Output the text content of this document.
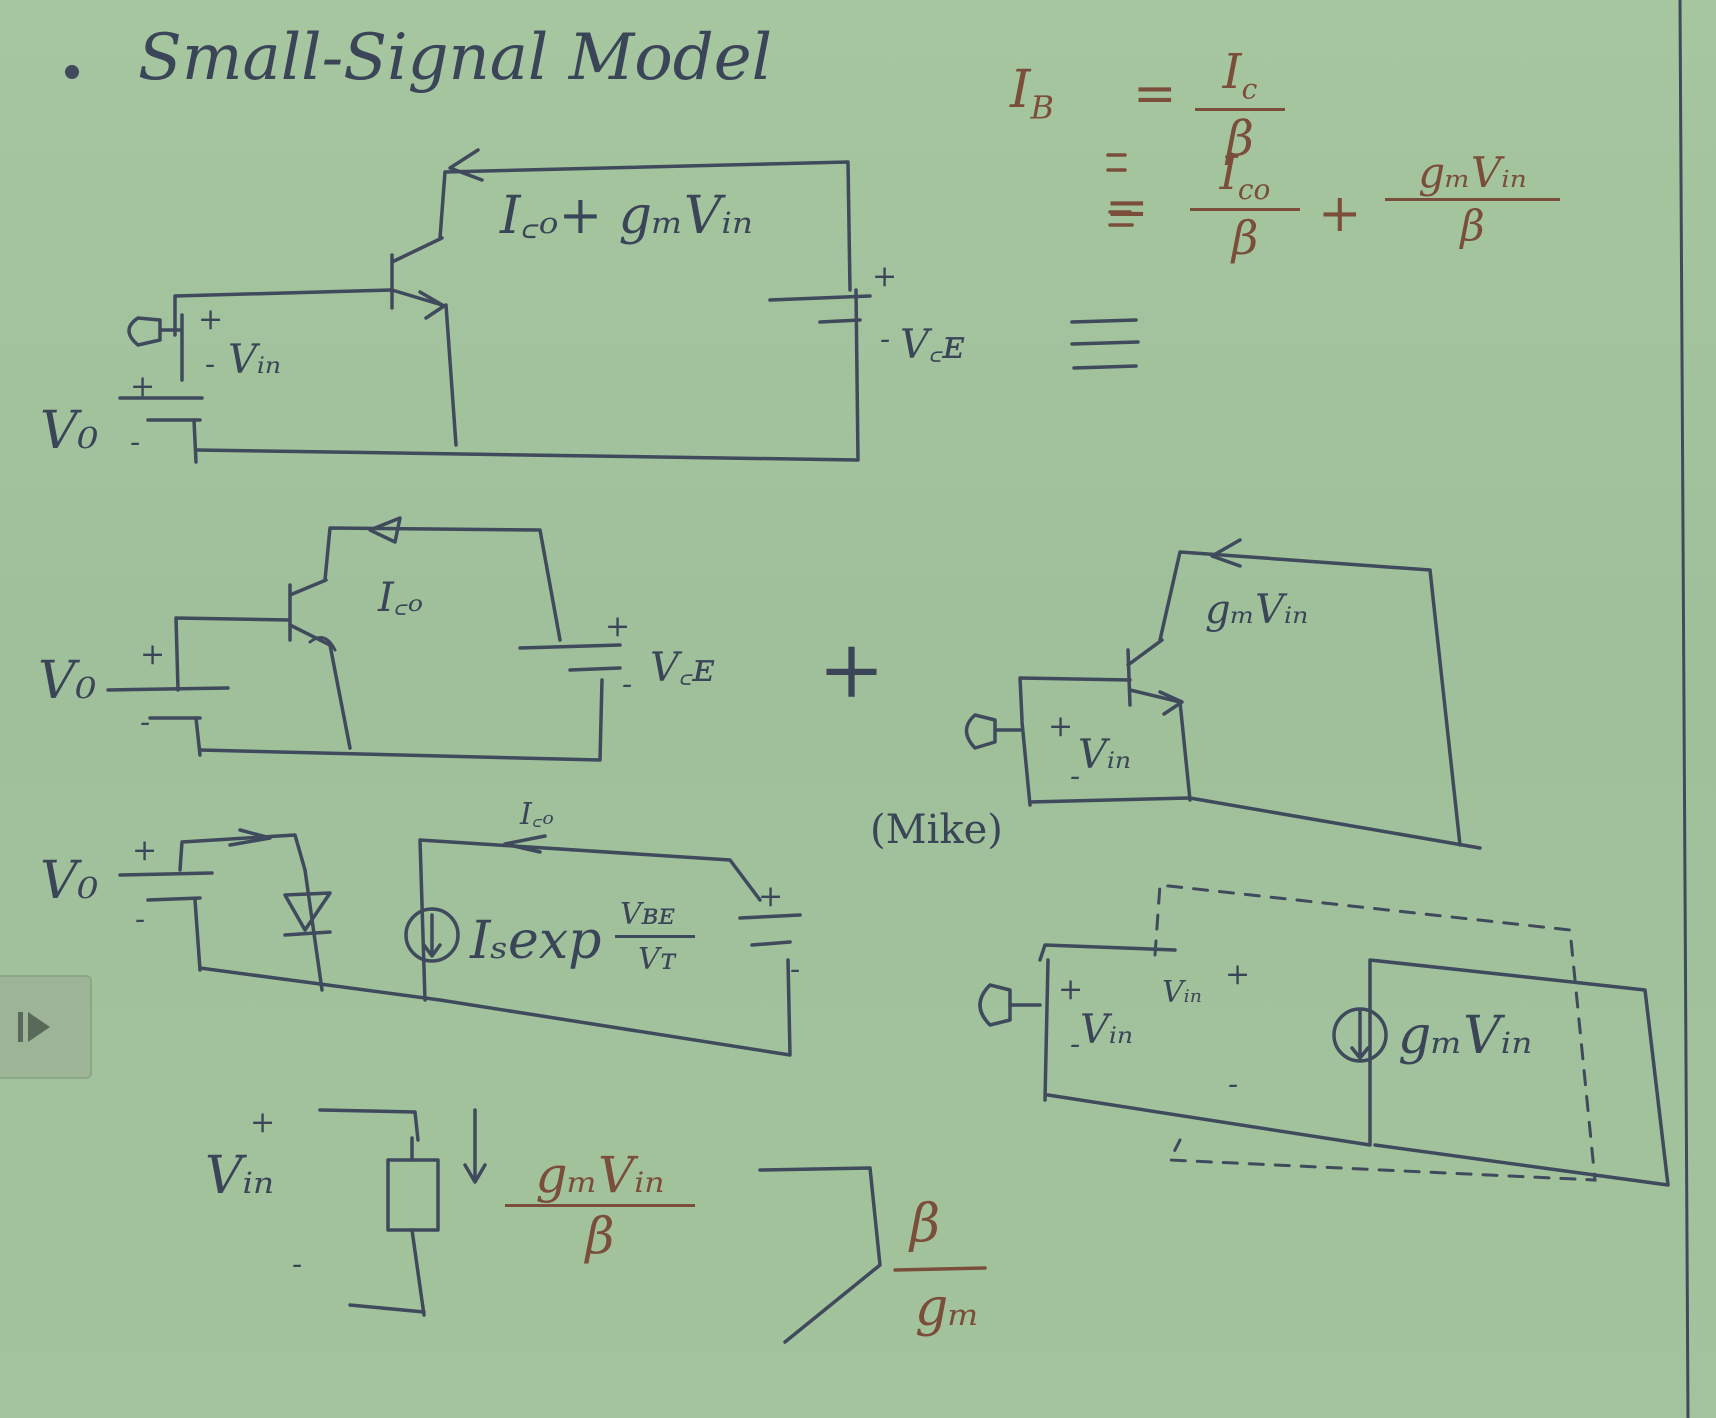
Small-Signal Model	$I_B = I_c$
β
=
$I_{co}$
β	+
gₘVᵢₙ
β
I꜀ₒ+ gₘVᵢₙ
Vᵢₙ
+
-
+
-
V₀
V꜀ᴇ
+
-
I꜀ₒ
V₀ +
-
V꜀ᴇ
+
- +
gₘVᵢₙ
Vᵢₙ
+
-
(Mike)
V₀
+
-
I꜀ₒ
Iₛexp Vʙᴇ
Vᴛ
+
-
Vᵢₙ
+
-
Vᵢₙ
+
-
gₘVᵢₙ
Vᵢₙ
+
-
gₘVᵢₙ
β	β
gₘ
